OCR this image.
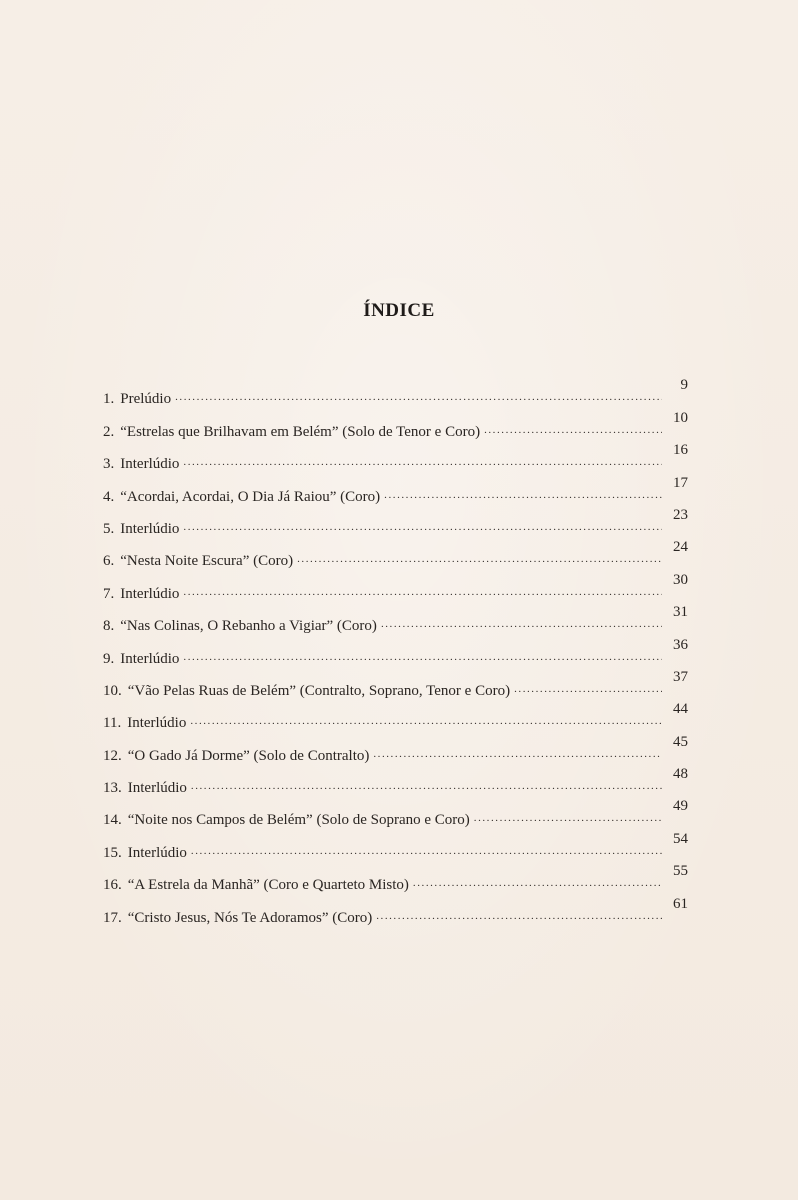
ÍNDICE
1. Prelúdio
. . .
9
2. “Estrelas que Brilhavam em Belém” (Solo de Tenor e Coro)
. . .
10
3. Interlúdio
. . .
16
4. “Acordai, Acordai, O Dia Já Raiou” (Coro)
. . .
17
5. Interlúdio
. . .
23
6. “Nesta Noite Escura” (Coro)
. . .
24
7. Interlúdio
. . .
30
8. “Nas Colinas, O Rebanho a Vigiar” (Coro)
. . .
31
9. Interlúdio
. . .
36
10. “Vão Pelas Ruas de Belém” (Contralto, Soprano, Tenor e Coro)
. . .
37
11. Interlúdio
. . .
44
12. “O Gado Já Dorme” (Solo de Contralto)
. . .
45
13. Interlúdio
. . .
48
14. “Noite nos Campos de Belém” (Solo de Soprano e Coro)
. . .
49
15. Interlúdio
. . .
54
16. “A Estrela da Manhã” (Coro e Quarteto Misto)
. . .
55
17. “Cristo Jesus, Nós Te Adoramos” (Coro)
. . .
61
